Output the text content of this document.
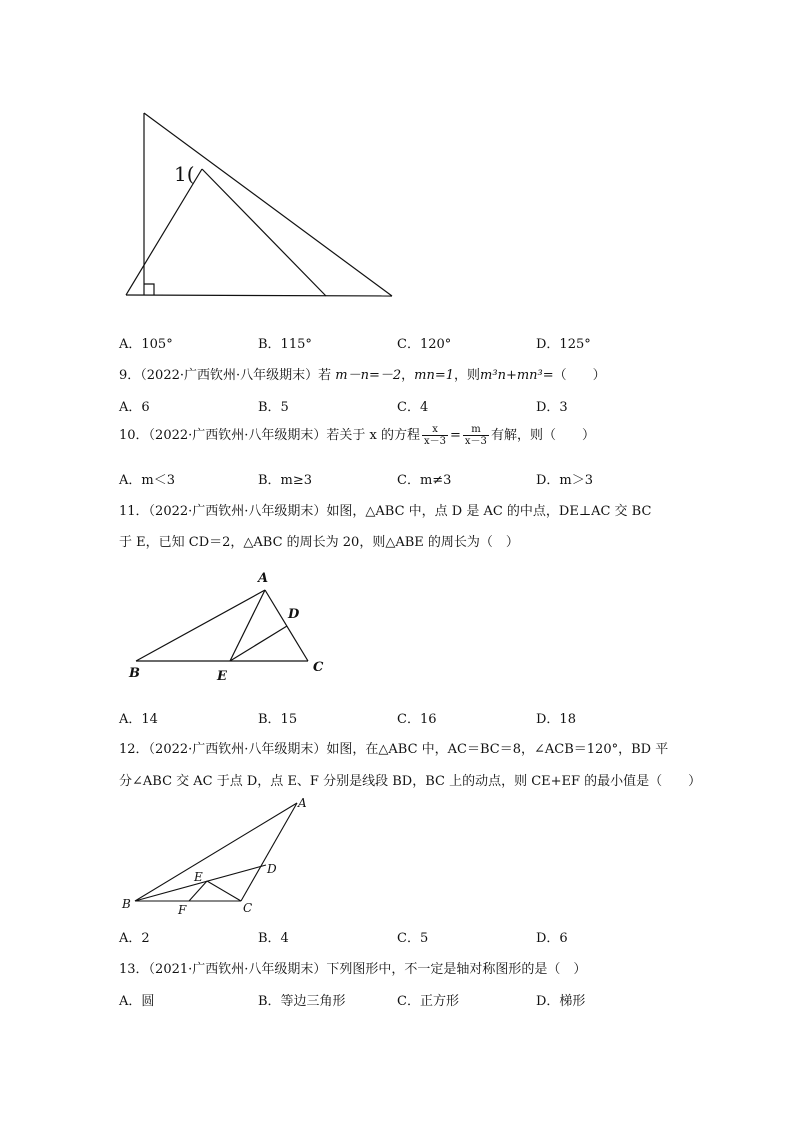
1(
A．105°	B．115°	C．120°	D．125°
9．（2022·广西钦州·八年级期末）若 m－n=－2，mn=1，则m³n+mn³=（　　）
A．6	B．5	C．4	D．3
10．（2022·广西钦州·八年级期末）若关于 x 的方程 $\frac{x}{x-3} = \frac{m}{x-3}$ 有解，则（　　）
A．m＜3	B．m≥3	C．m≠3	D．m＞3
11．（2022·广西钦州·八年级期末）如图，△ABC 中，点 D 是 AC 的中点，DE⊥AC 交 BC
于 E，已知 CD＝2，△ABC 的周长为 20，则△ABE 的周长为（　）
A
D
B	E
C
A．14	B．15	C．16	D．18
12．（2022·广西钦州·八年级期末）如图，在△ABC 中，AC＝BC＝8，∠ACB＝120°，BD 平
分∠ABC 交 AC 于点 D，点 E、F 分别是线段 BD，BC 上的动点，则 CE+EF 的最小值是（　　）
A
D
E
B	F	C
A．2	B．4	C．5	D．6
13．（2021·广西钦州·八年级期末）下列图形中，不一定是轴对称图形的是（　）
A．圆	B．等边三角形	C．正方形	D．梯形
